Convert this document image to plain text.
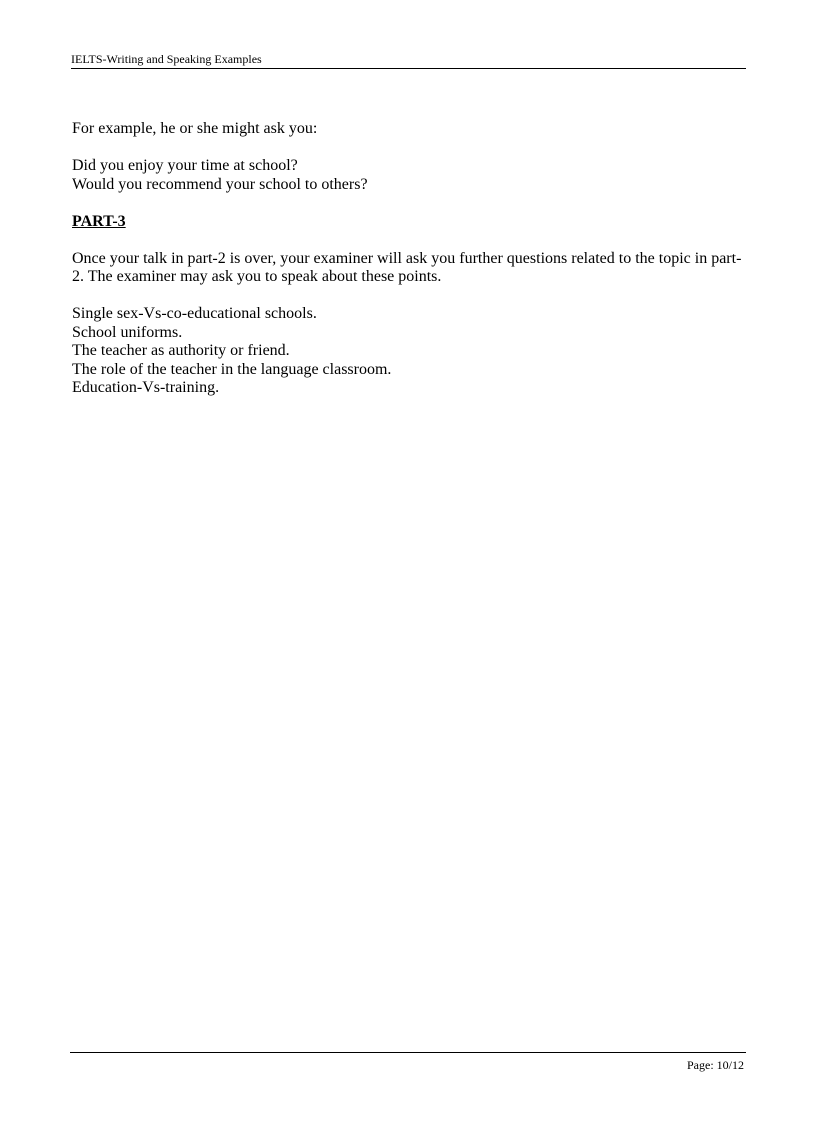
IELTS-Writing and Speaking Examples

For example, he or she might ask you:

Did you enjoy your time at school?

Would you recommend your school to others?

PART-3

Once your talk in part-2 is over, your examiner will ask you further questions related to the topic in part-

2. The examiner may ask you to speak about these points.

Single sex-Vs-co-educational schools.

School uniforms.

The teacher as authority or friend.

The role of the teacher in the language classroom.

Education-Vs-training.

Page: 10/12
